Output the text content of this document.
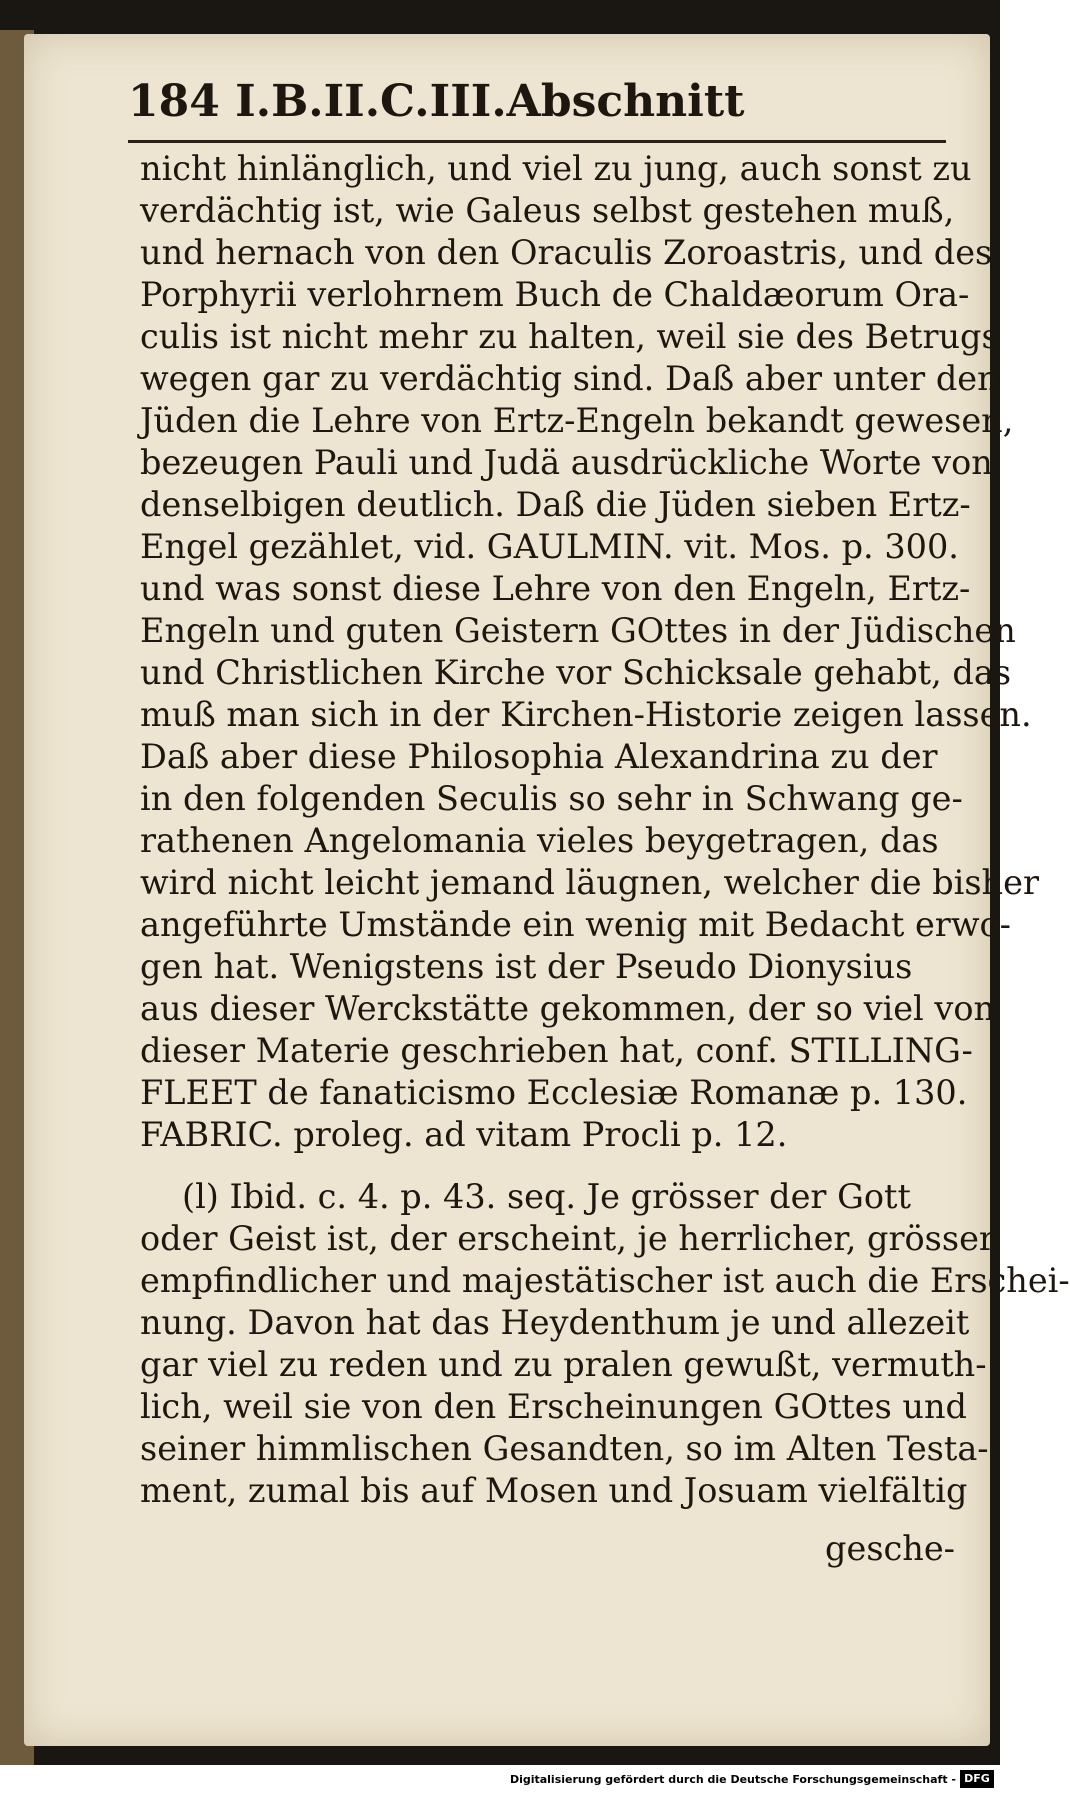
184 I.B.II.C.III.Abschnitt
nicht hinlänglich, und viel zu jung, auch sonst zu
verdächtig ist, wie Galeus selbst gestehen muß,
und hernach von den Oraculis Zoroastris, und des
Porphyrii verlohrnem Buch de Chaldæorum Ora-
culis ist nicht mehr zu halten, weil sie des Betrugs
wegen gar zu verdächtig sind. Daß aber unter den
Jüden die Lehre von Ertz-Engeln bekandt gewesen,
bezeugen Pauli und Judä ausdrückliche Worte von
denselbigen deutlich. Daß die Jüden sieben Ertz-
Engel gezählet, vid. GAULMIN. vit. Mos. p. 300.
und was sonst diese Lehre von den Engeln, Ertz-
Engeln und guten Geistern GOttes in der Jüdischen
und Christlichen Kirche vor Schicksale gehabt, das
muß man sich in der Kirchen-Historie zeigen lassen.
Daß aber diese Philosophia Alexandrina zu der
in den folgenden Seculis so sehr in Schwang ge-
rathenen Angelomania vieles beygetragen, das
wird nicht leicht jemand läugnen, welcher die bisher
angeführte Umstände ein wenig mit Bedacht erwo-
gen hat. Wenigstens ist der Pseudo Dionysius
aus dieser Werckstätte gekommen, der so viel von
dieser Materie geschrieben hat, conf. STILLING-
FLEET de fanaticismo Ecclesiæ Romanæ p. 130.
FABRIC. proleg. ad vitam Procli p. 12.
(l) Ibid. c. 4. p. 43. seq. Je grösser der Gott
oder Geist ist, der erscheint, je herrlicher, grösser,
empfindlicher und majestätischer ist auch die Erschei-
nung. Davon hat das Heydenthum je und allezeit
gar viel zu reden und zu pralen gewußt, vermuth-
lich, weil sie von den Erscheinungen GOttes und
seiner himmlischen Gesandten, so im Alten Testa-
ment, zumal bis auf Mosen und Josuam vielfältig
gesche-
Digitalisierung gefördert durch die Deutsche Forschungsgemeinschaft - DFG
